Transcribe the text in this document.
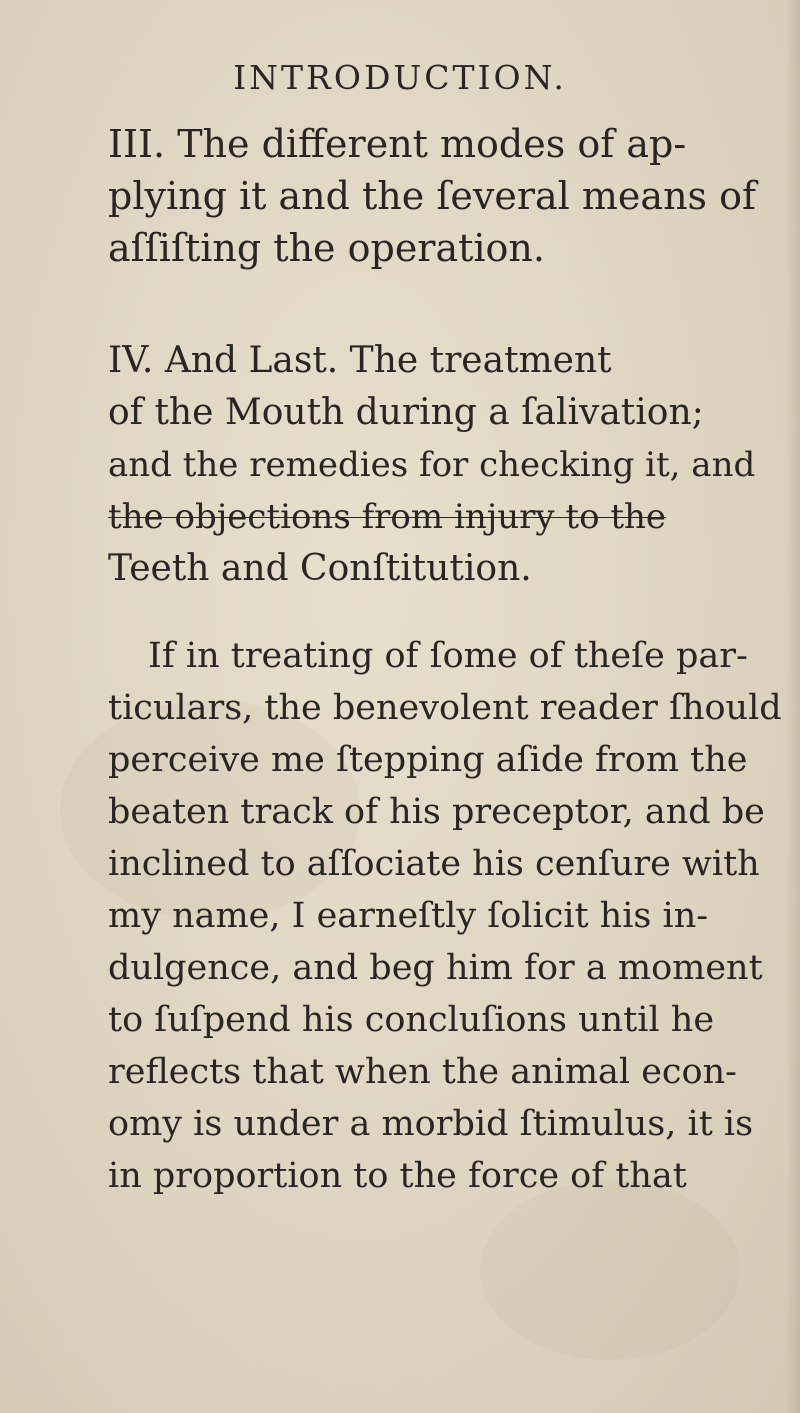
INTRODUCTION.
III. The different modes of ap-
plying it and the ſeveral means of
aſſiſting the operation.
IV. And Last. The treatment
of the Mouth during a ſalivation;
and the remedies for checking it, and
the objections from injury to the
Teeth and Conſtitution.
If in treating of ſome of theſe par-
ticulars, the benevolent reader ſhould
perceive me ſtepping aſide from the
beaten track of his preceptor, and be
inclined to aſſociate his cenſure with
my name, I earneſtly ſolicit his in-
dulgence, and beg him for a moment
to ſuſpend his concluſions until he
reflects that when the animal econ-
omy is under a morbid ſtimulus, it is
in proportion to the force of that
